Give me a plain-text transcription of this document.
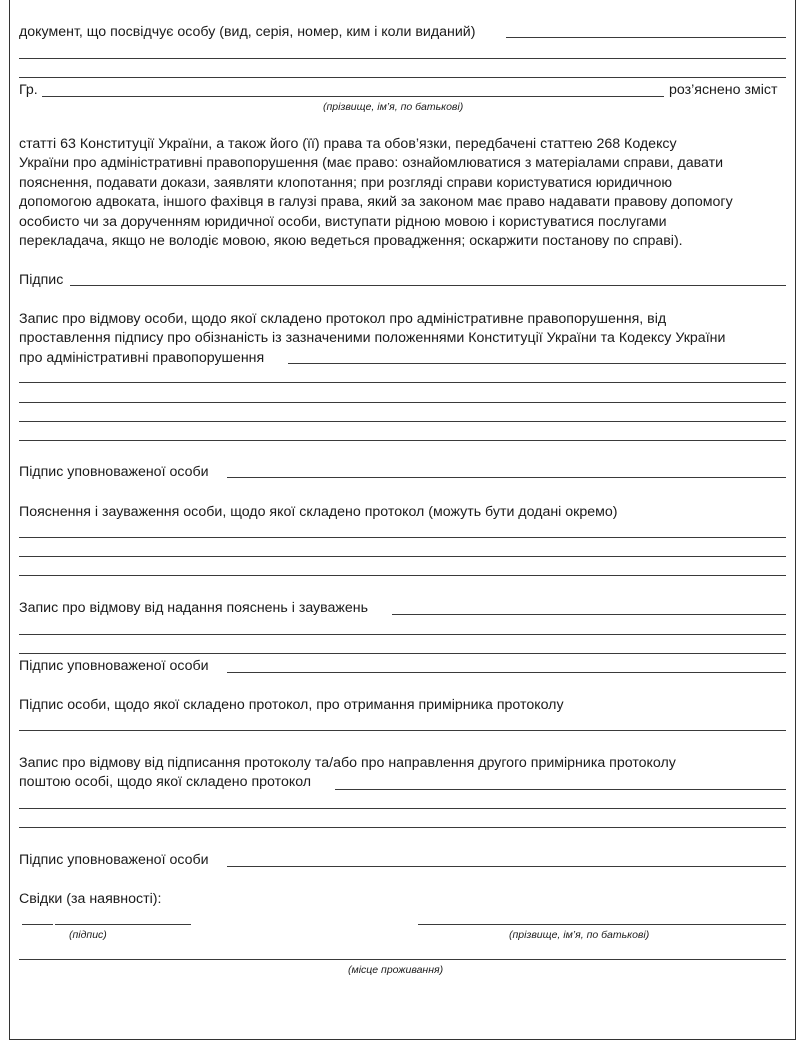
документ, що посвідчує особу (вид, серія, номер, ким і коли виданий)
Гр.	роз’яснено зміст
(прізвище, ім’я, по батькові)
статті 63 Конституції України, а також його (її) права та обов’язки, передбачені статтею 268 Кодексу
України про адміністративні правопорушення (має право: ознайомлюватися з матеріалами справи, давати
пояснення, подавати докази, заявляти клопотання; при розгляді справи користуватися юридичною
допомогою адвоката, іншого фахівця в галузі права, який за законом має право надавати правову допомогу
особисто чи за дорученням юридичної особи, виступати рідною мовою і користуватися послугами
перекладача, якщо не володіє мовою, якою ведеться провадження; оскаржити постанову по справі).
Підпис
Запис про відмову особи, щодо якої складено протокол про адміністративне правопорушення, від
проставлення підпису про обізнаність із зазначеними положеннями Конституції України та Кодексу України
про адміністративні правопорушення
Підпис уповноваженої особи
Пояснення і зауваження особи, щодо якої складено протокол (можуть бути додані окремо)
Запис про відмову від надання пояснень і зауважень
Підпис уповноваженої особи
Підпис особи, щодо якої складено протокол, про отримання примірника протоколу
Запис про відмову від підписання протоколу та/або про направлення другого примірника протоколу
поштою особі, щодо якої складено протокол
Підпис уповноваженої особи
Свідки (за наявності):
(підпис)	(прізвище, ім’я, по батькові)
(місце проживання)
